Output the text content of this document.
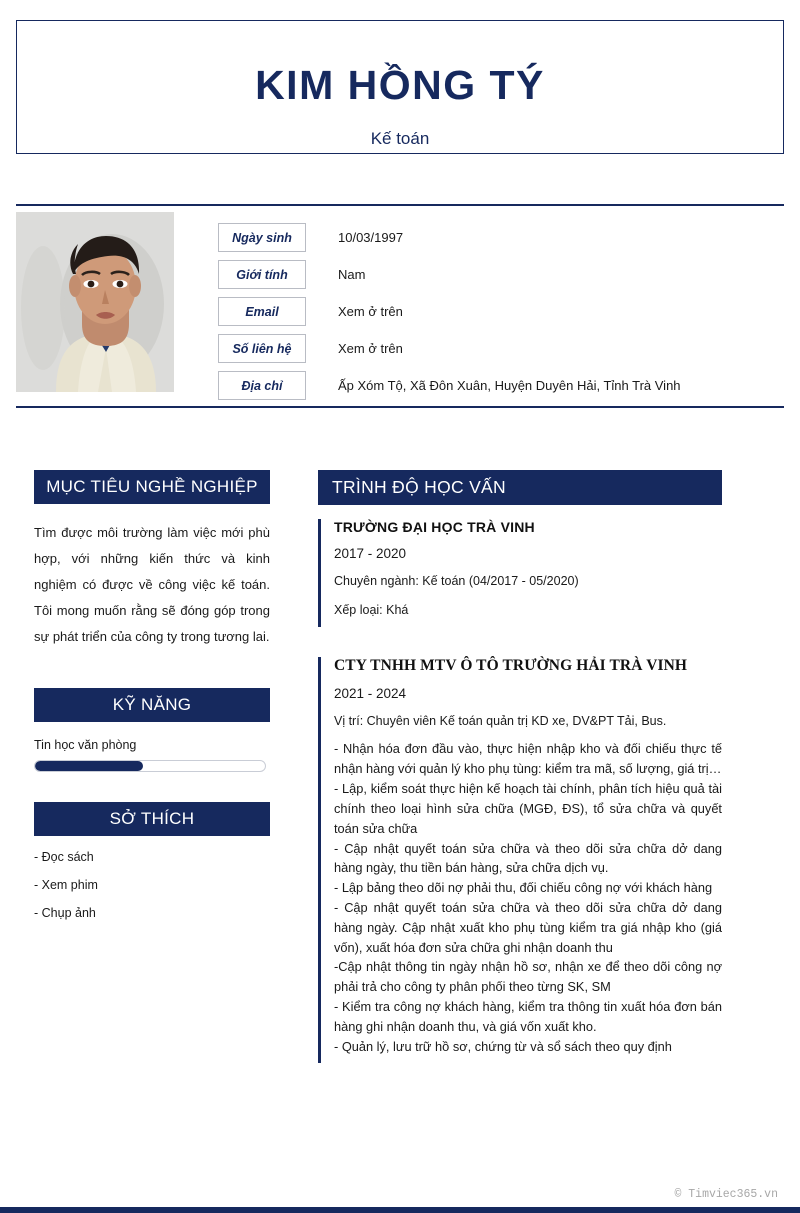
KIM HỒNG TÝ
Kế toán
Ngày sinh	10/03/1997
Giới tính	Nam
Email	Xem ở trên
Số liên hệ	Xem ở trên
Địa chỉ	Ấp Xóm Tộ, Xã Đôn Xuân, Huyện Duyên Hải, Tỉnh Trà Vinh
MỤC TIÊU NGHỀ NGHIỆP
Tìm được môi trường làm việc mới phù hợp, với những kiến thức và kinh nghiệm có được về công việc kế toán. Tôi mong muốn rằng sẽ đóng góp trong sự phát triển của công ty trong tương lai.
KỸ NĂNG
Tin học văn phòng
SỞ THÍCH
- Đọc sách
- Xem phim
- Chụp ảnh
TRÌNH ĐỘ HỌC VẤN
TRƯỜNG ĐẠI HỌC TRÀ VINH
2017 - 2020
Chuyên ngành: Kế toán (04/2017 - 05/2020)
Xếp loại: Khá
CTY TNHH MTV Ô TÔ TRƯỜNG HẢI TRÀ VINH
2021 - 2024
Vị trí: Chuyên viên Kế toán quản trị KD xe, DV&PT Tải, Bus.
- Nhận hóa đơn đầu vào, thực hiện nhập kho và đối chiếu thực tế nhận hàng với quản lý kho phụ tùng: kiểm tra mã, số lượng, giá trị…
- Lập, kiểm soát thực hiện kế hoạch tài chính, phân tích hiệu quả tài chính theo loại hình sửa chữa (MGĐ, ĐS), tổ sửa chữa và quyết toán sửa chữa
- Cập nhật quyết toán sửa chữa và theo dõi sửa chữa dở dang hàng ngày, thu tiền bán hàng, sửa chữa dịch vụ.
- Lập bảng theo dõi nợ phải thu, đối chiếu công nợ với khách hàng
- Cập nhật quyết toán sửa chữa và theo dõi sửa chữa dở dang hàng ngày. Cập nhật xuất kho phụ tùng kiểm tra giá nhập kho (giá vốn), xuất hóa đơn sửa chữa ghi nhận doanh thu
-Cập nhật thông tin ngày nhận hồ sơ, nhận xe để theo dõi công nợ phải trả cho công ty phân phối theo từng SK, SM
- Kiểm tra công nợ khách hàng, kiểm tra thông tin xuất hóa đơn bán hàng ghi nhận doanh thu, và giá vốn xuất kho.
- Quản lý, lưu trữ hồ sơ, chứng từ và sổ sách theo quy định
© Timviec365.vn
